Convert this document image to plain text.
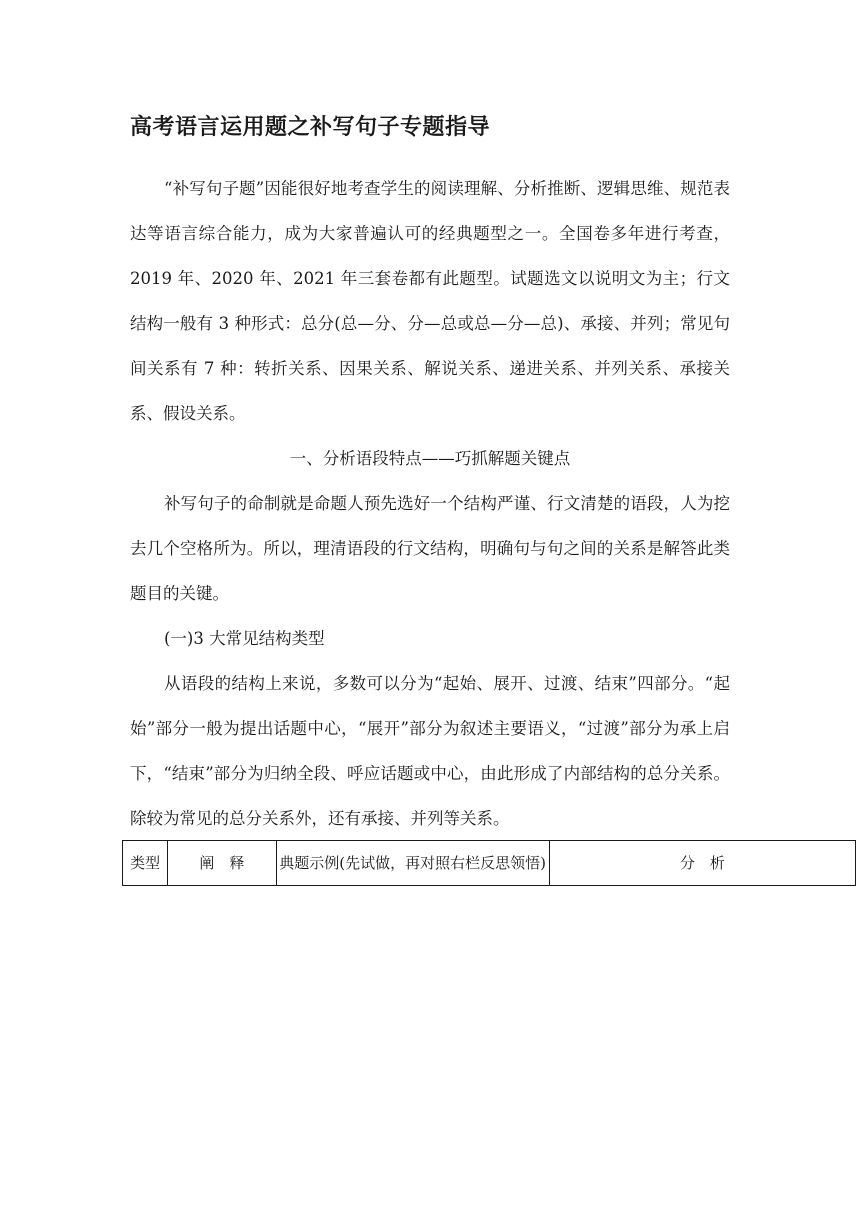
高考语言运用题之补写句子专题指导

“补写句子题”因能很好地考查学生的阅读理解、分析推断、逻辑思维、规范表达等语言综合能力，成为大家普遍认可的经典题型之一。全国卷多年进行考查，2019 年、2020 年、2021 年三套卷都有此题型。试题选文以说明文为主；行文结构一般有 3 种形式：总分(总—分、分—总或总—分—总)、承接、并列；常见句间关系有 7 种：转折关系、因果关系、解说关系、递进关系、并列关系、承接关系、假设关系。

一、分析语段特点——巧抓解题关键点

补写句子的命制就是命题人预先选好一个结构严谨、行文清楚的语段，人为挖去几个空格所为。所以，理清语段的行文结构，明确句与句之间的关系是解答此类题目的关键。

(一)3 大常见结构类型

从语段的结构上来说，多数可以分为“起始、展开、过渡、结束”四部分。“起始”部分一般为提出话题中心，“展开”部分为叙述主要语义，“过渡”部分为承上启下，“结束”部分为归纳全段、呼应话题或中心，由此形成了内部结构的总分关系。除较为常见的总分关系外，还有承接、并列等关系。

类型	阐　释	典题示例(先试做，再对照右栏反思领悟)	分　析
